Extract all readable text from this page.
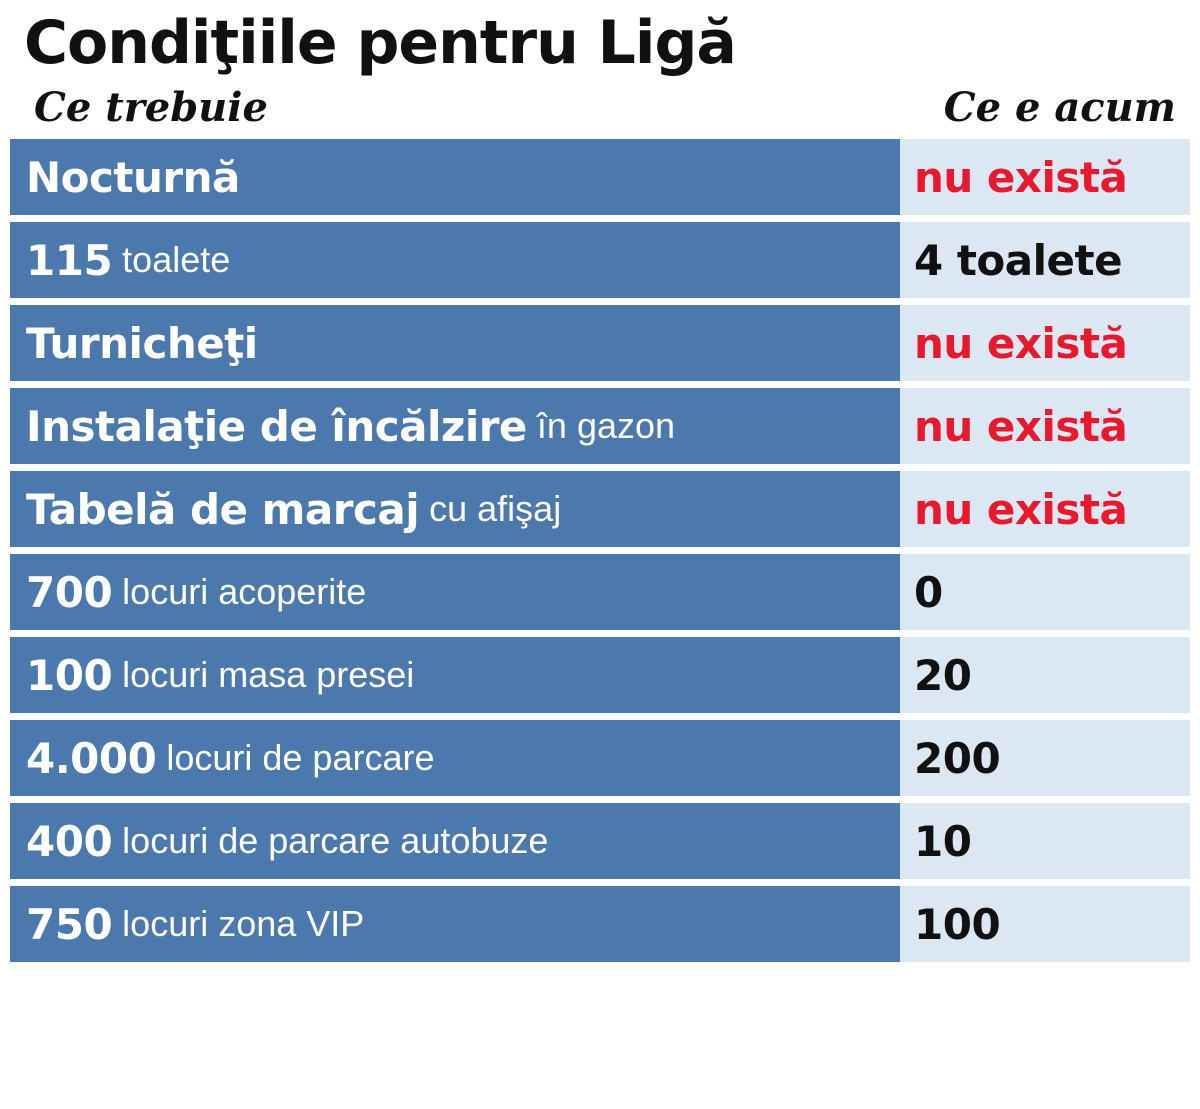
Condiţiile pentru Ligă
Ce trebuie	Ce e acum
Nocturnă	nu există
115 toalete	4 toalete
Turnicheţi	nu există
Instalaţie de încălzire în gazon	nu există
Tabelă de marcaj cu afişaj	nu există
700 locuri acoperite	0
100 locuri masa presei	20
4.000 locuri de parcare	200
400 locuri de parcare autobuze	10
750 locuri zona VIP	100
